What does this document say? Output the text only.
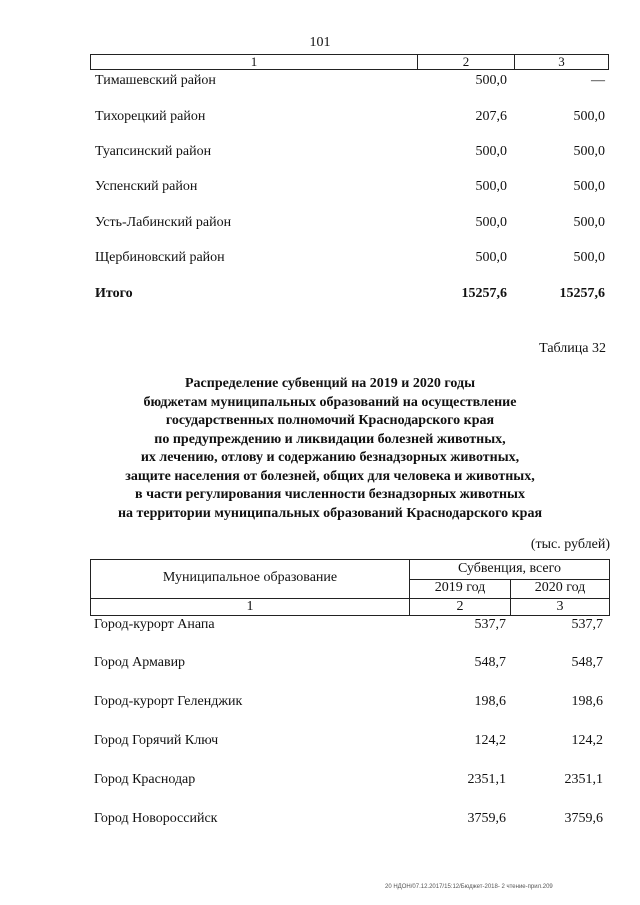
101
1	2	3
Тимашевский район	500,0	—
Тихорецкий район	207,6	500,0
Туапсинский район	500,0	500,0
Успенский район	500,0	500,0
Усть-Лабинский район	500,0	500,0
Щербиновский район	500,0	500,0
Итого	15257,6	15257,6
Таблица 32
Распределение субвенций на 2019 и 2020 годы
бюджетам муниципальных образований на осуществление
государственных полномочий Краснодарского края
по предупреждению и ликвидации болезней животных,
их лечению, отлову и содержанию безнадзорных животных,
защите населения от болезней, общих для человека и животных,
в части регулирования численности безнадзорных животных
на территории муниципальных образований Краснодарского края
(тыс. рублей)
Муниципальное образование
Субвенция, всего
2019 год	2020 год
1	2	3
Город-курорт Анапа	537,7	537,7
Город Армавир	548,7	548,7
Город-курорт Геленджик	198,6	198,6
Город Горячий Ключ	124,2	124,2
Город Краснодар	2351,1	2351,1
Город Новороссийск	3759,6	3759,6
20 НДОН/07.12.2017/15:12/Бюджет-2018- 2 чтение-прил.209
